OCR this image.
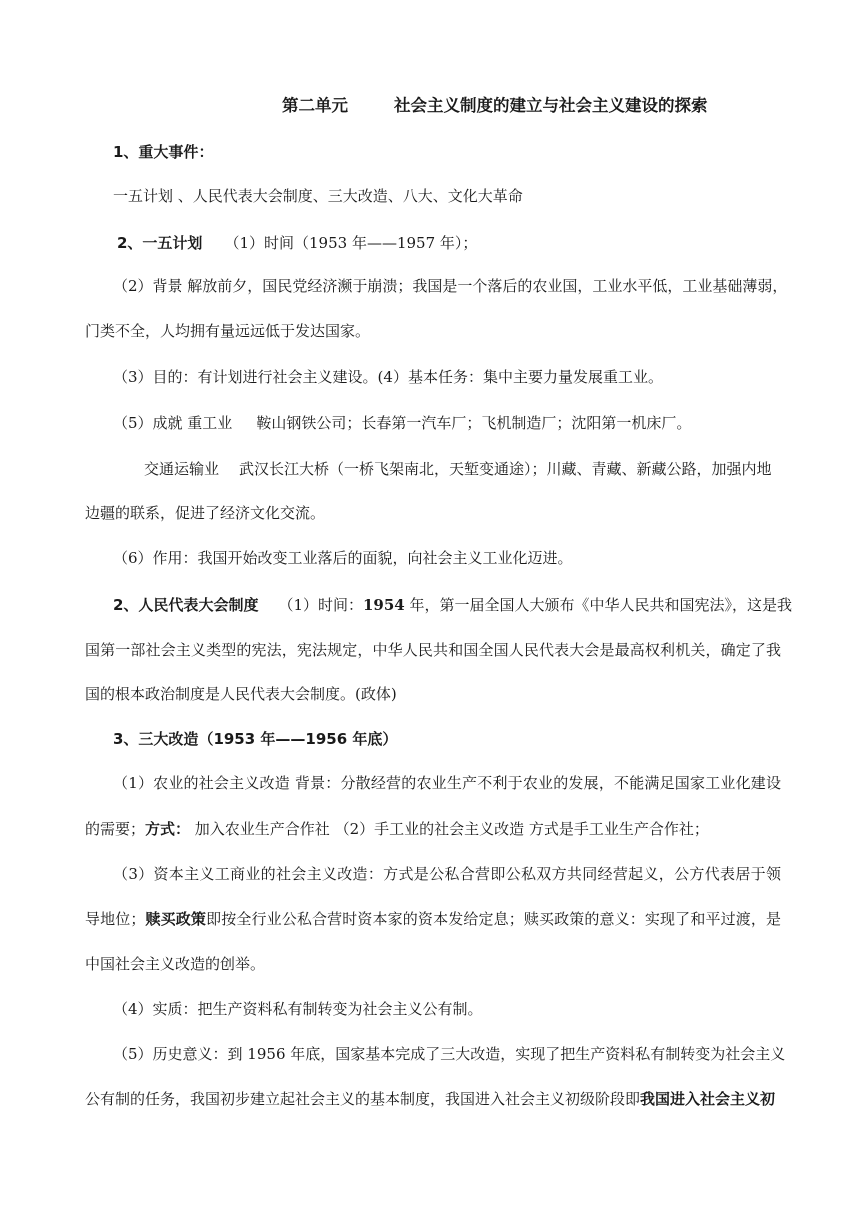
第二单元	社会主义制度的建立与社会主义建设的探索
1、重大事件：
一五计划 、人民代表大会制度、三大改造、八大、文化大革命
2、一五计划 （1）时间（1953 年——1957 年）；
（2）背景 解放前夕，国民党经济濒于崩溃；我国是一个落后的农业国，工业水平低，工业基础薄弱，
门类不全，人均拥有量远远低于发达国家。
（3）目的：有计划进行社会主义建设。(4）基本任务：集中主要力量发展重工业。
（5）成就 重工业 鞍山钢铁公司；长春第一汽车厂；飞机制造厂；沈阳第一机床厂。
交通运输业 武汉长江大桥（一桥飞架南北，天堑变通途）；川藏、青藏、新藏公路，加强内地
边疆的联系，促进了经济文化交流。
（6）作用：我国开始改变工业落后的面貌，向社会主义工业化迈进。
2、人民代表大会制度 （1）时间：1954 年，第一届全国人大颁布《中华人民共和国宪法》，这是我
国第一部社会主义类型的宪法，宪法规定，中华人民共和国全国人民代表大会是最高权利机关，确定了我
国的根本政治制度是人民代表大会制度。(政体)
3、三大改造（1953 年——1956 年底）
（1）农业的社会主义改造 背景：分散经营的农业生产不利于农业的发展，不能满足国家工业化建设
的需要；方式： 加入农业生产合作社 （2）手工业的社会主义改造 方式是手工业生产合作社；
（3）资本主义工商业的社会主义改造：方式是公私合营即公私双方共同经营起义，公方代表居于领
导地位；赎买政策即按全行业公私合营时资本家的资本发给定息；赎买政策的意义：实现了和平过渡，是
中国社会主义改造的创举。
（4）实质：把生产资料私有制转变为社会主义公有制。
（5）历史意义：到 1956 年底，国家基本完成了三大改造，实现了把生产资料私有制转变为社会主义
公有制的任务，我国初步建立起社会主义的基本制度，我国进入社会主义初级阶段即我国进入社会主义初
